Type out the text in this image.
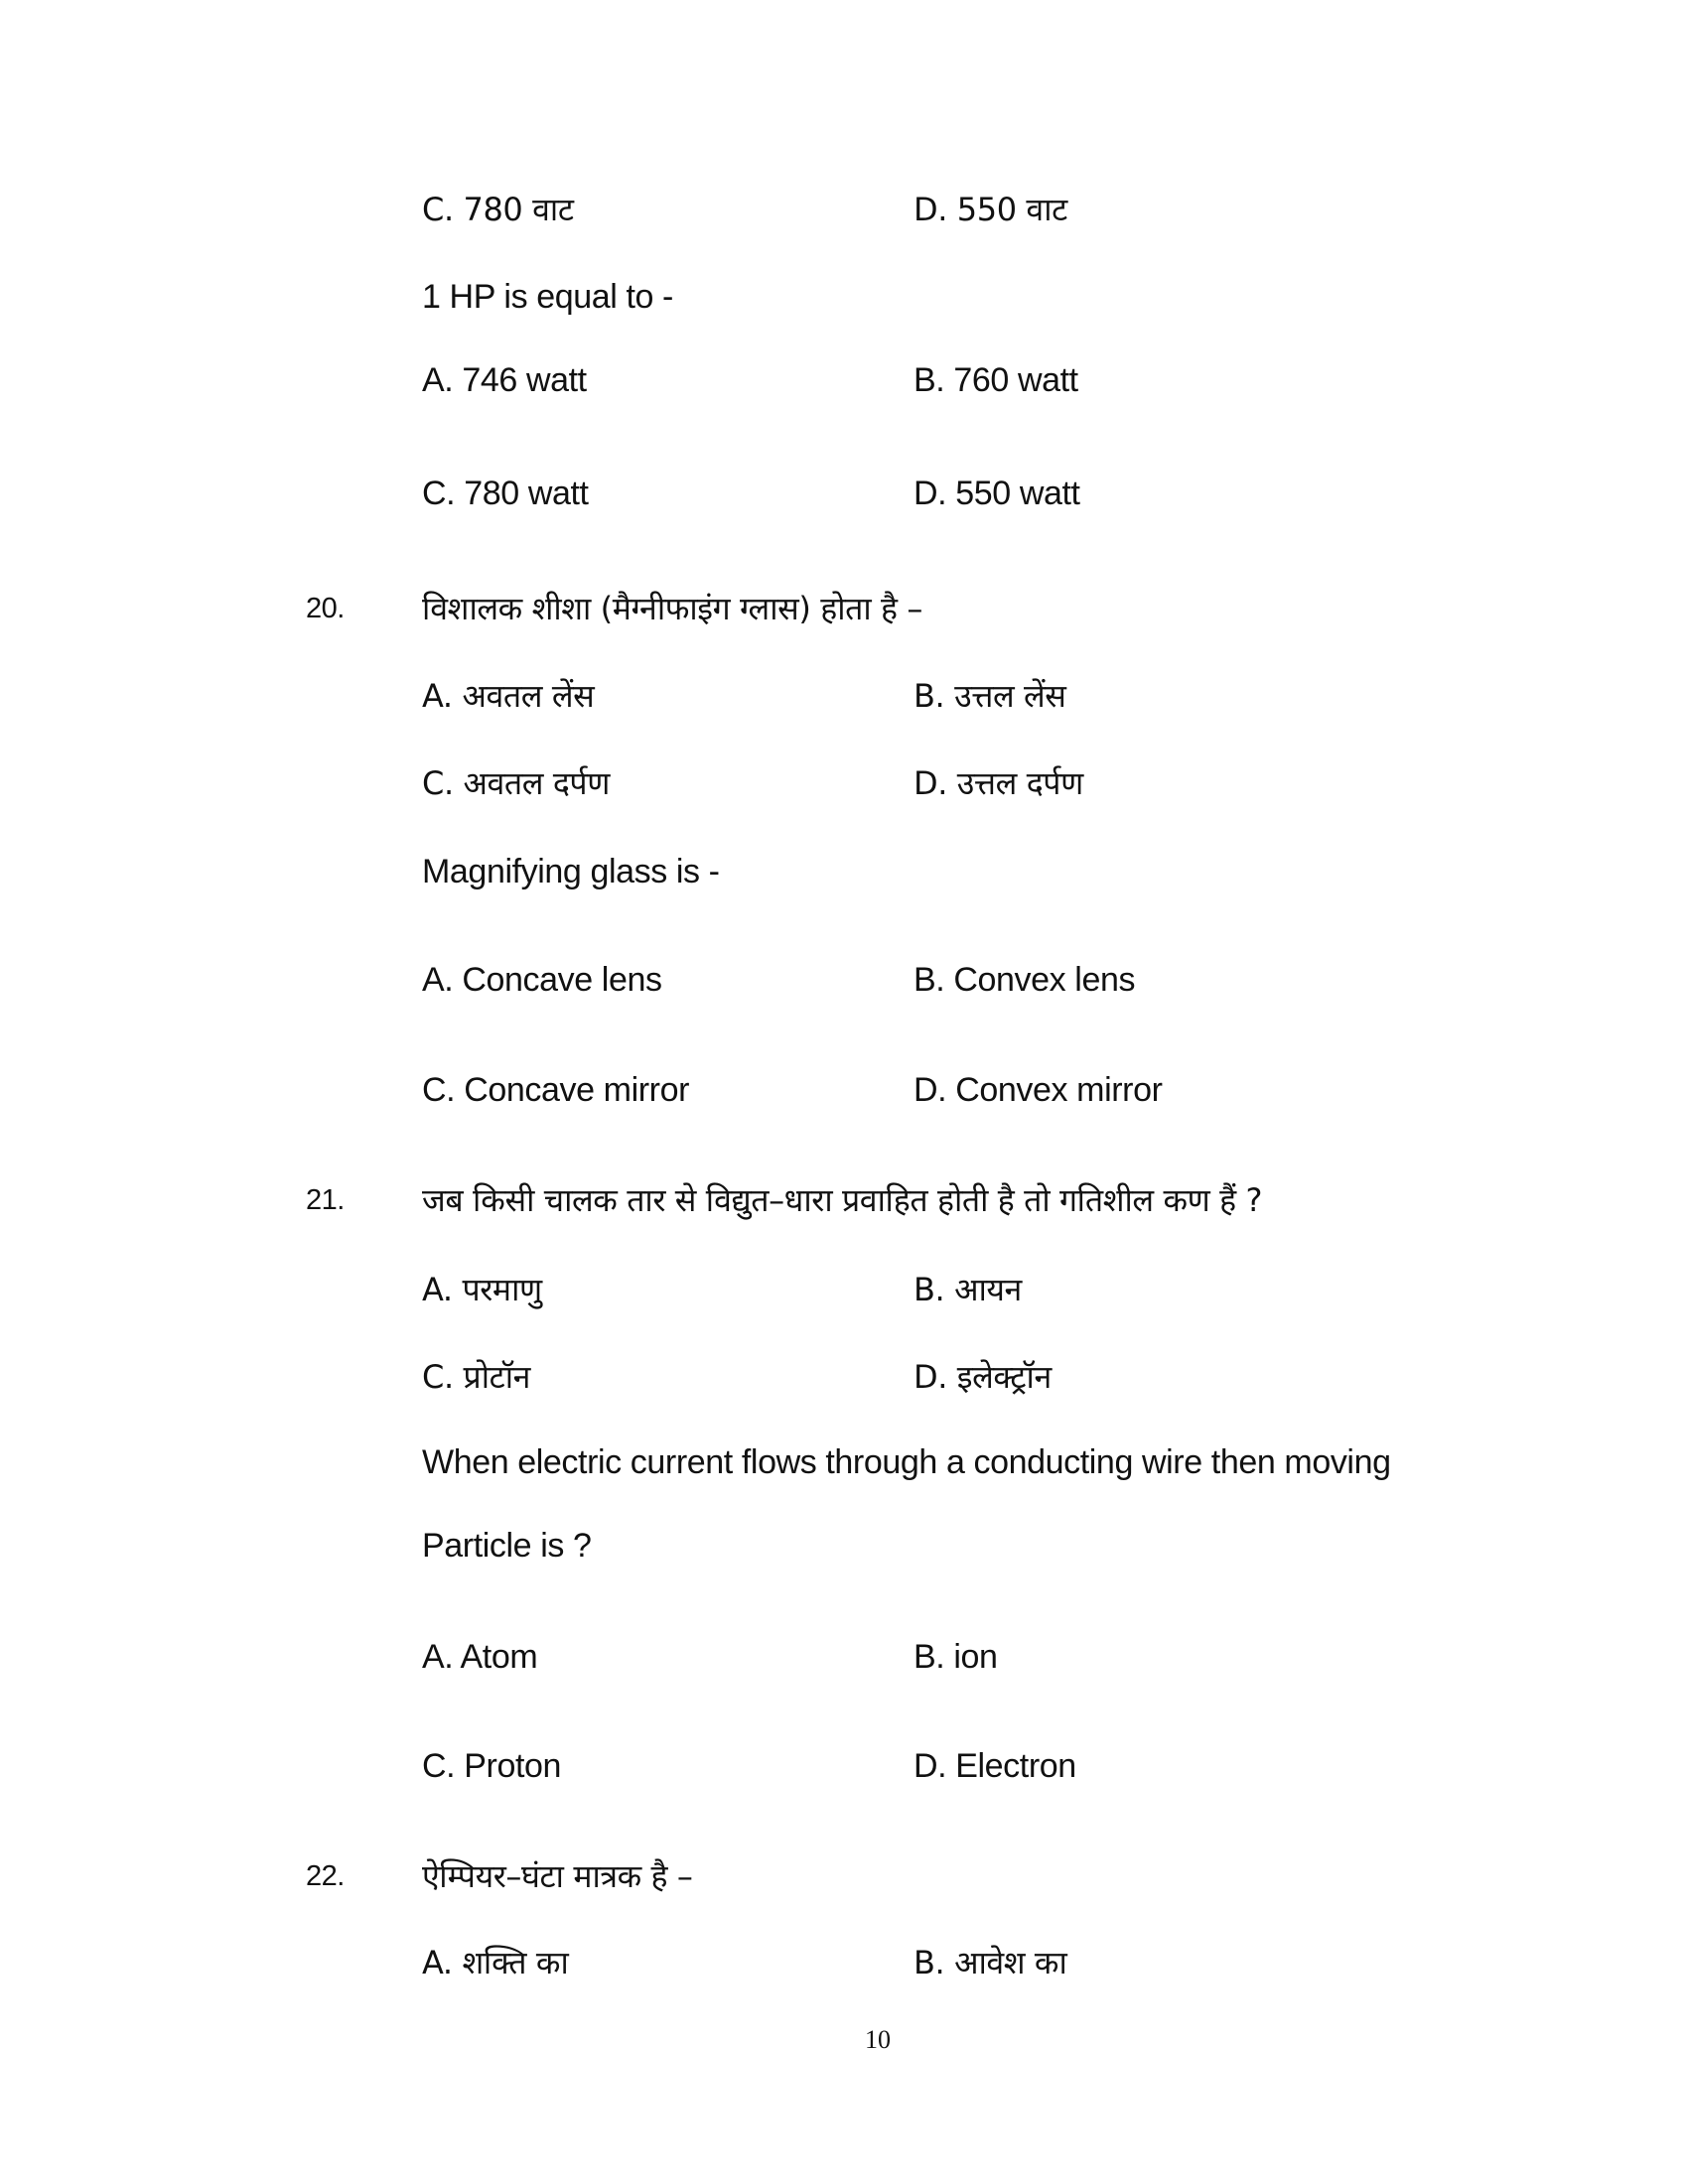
C. 780 वाट	D. 550 वाट
1 HP is equal to -
A. 746 watt	B. 760 watt
C. 780 watt	D. 550 watt
20. विशालक शीशा (मैग्नीफाइंग ग्लास) होता है –
A. अवतल लेंस	B. उत्तल लेंस
C. अवतल दर्पण	D. उत्तल दर्पण
Magnifying glass is -
A. Concave lens	B. Convex lens
C. Concave mirror	D. Convex mirror
21. जब किसी चालक तार से विद्युत–धारा प्रवाहित होती है तो गतिशील कण हैं ?
A. परमाणु	B. आयन
C. प्रोटॉन	D. इलेक्ट्रॉन
When electric current flows through a conducting wire then moving
Particle is ?
A. Atom	B. ion
C. Proton	D. Electron
22. ऐम्पियर–घंटा मात्रक है –
A. शक्ति का	B. आवेश का
10
